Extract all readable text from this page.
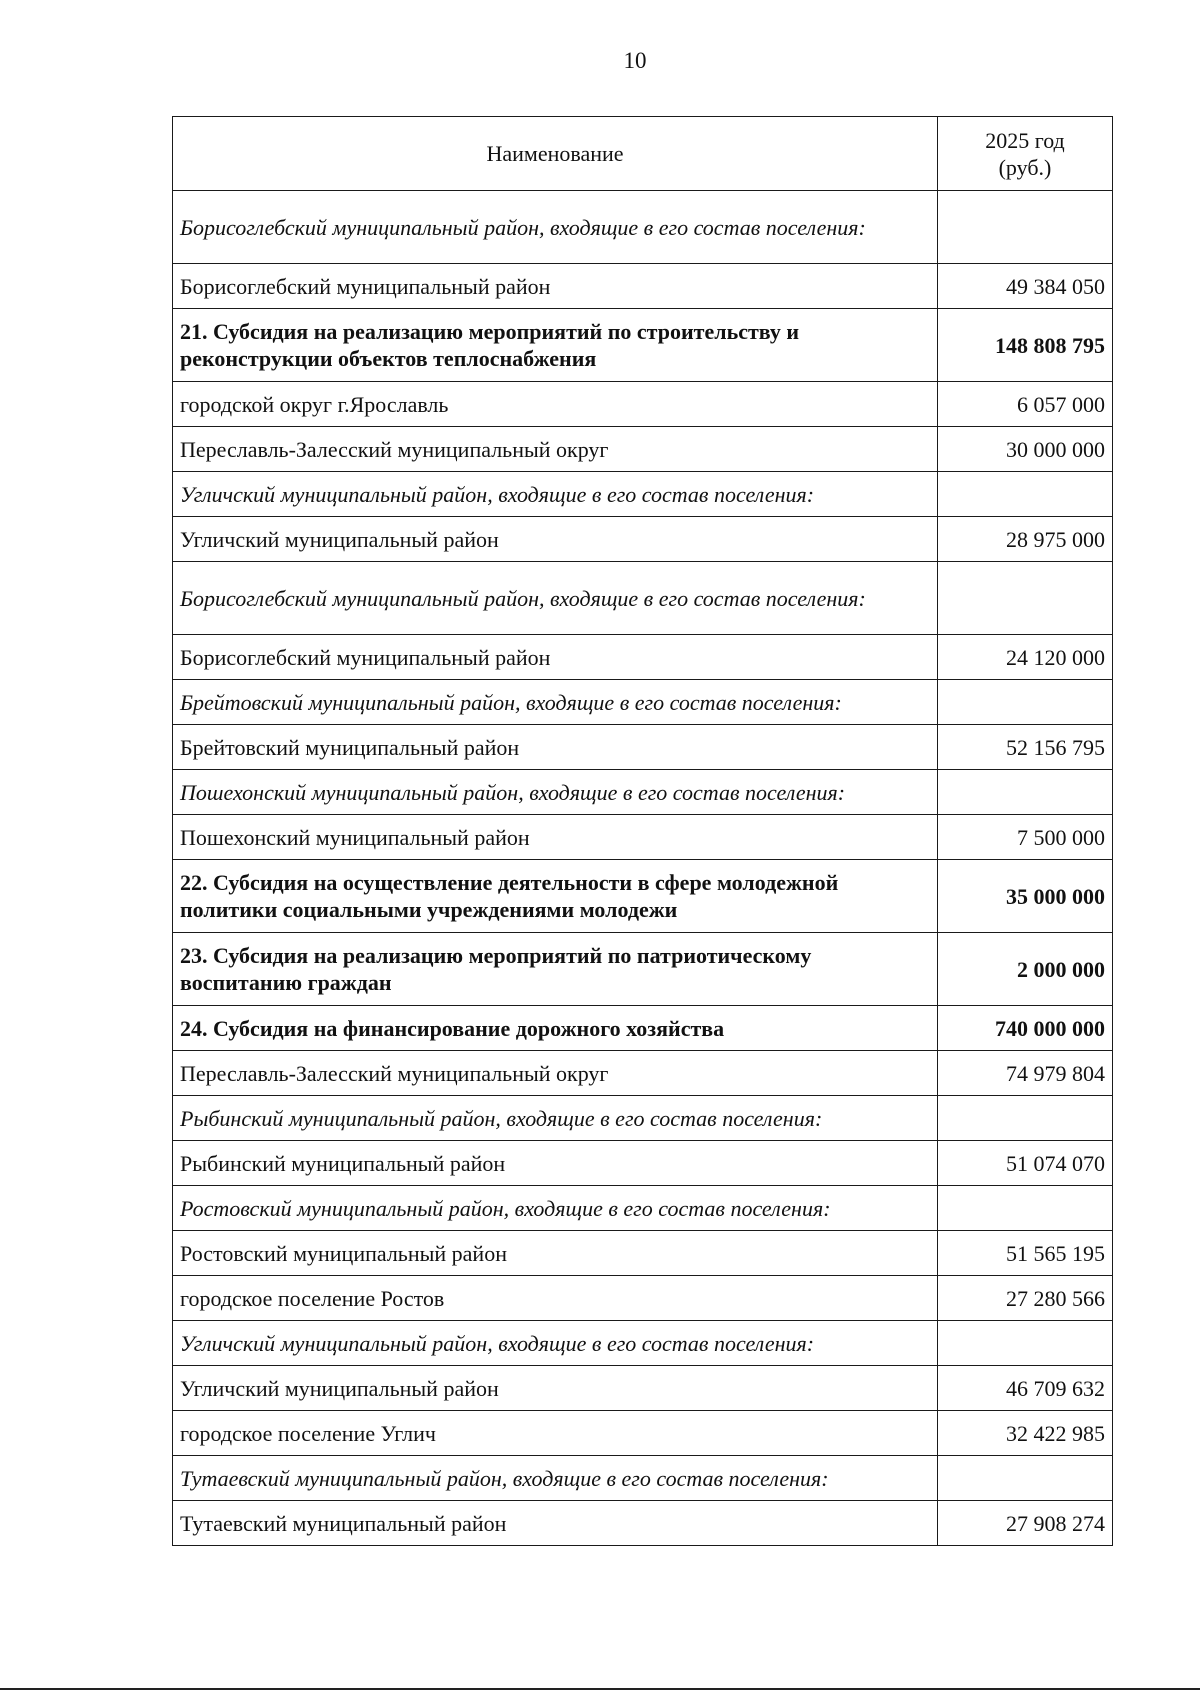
10
Наименование	2025 год
(руб.)
Борисоглебский муниципальный район, входящие в его состав поселения:	
Борисоглебский муниципальный район	49 384 050
21. Субсидия на реализацию мероприятий по строительству и реконструкции объектов теплоснабжения	148 808 795
городской округ г.Ярославль	6 057 000
Переславль-Залесский муниципальный округ	30 000 000
Угличский муниципальный район, входящие в его состав поселения:	
Угличский муниципальный район	28 975 000
Борисоглебский муниципальный район, входящие в его состав поселения:	
Борисоглебский муниципальный район	24 120 000
Брейтовский муниципальный район, входящие в его состав поселения:	
Брейтовский муниципальный район	52 156 795
Пошехонский муниципальный район, входящие в его состав поселения:	
Пошехонский муниципальный район	7 500 000
22. Субсидия на осуществление деятельности в сфере молодежной политики социальными учреждениями молодежи	35 000 000
23. Субсидия на реализацию мероприятий по патриотическому воспитанию граждан	2 000 000
24. Субсидия на финансирование дорожного хозяйства	740 000 000
Переславль-Залесский муниципальный округ	74 979 804
Рыбинский муниципальный район, входящие в его состав поселения:	
Рыбинский муниципальный район	51 074 070
Ростовский муниципальный район, входящие в его состав поселения:	
Ростовский муниципальный район	51 565 195
городское поселение Ростов	27 280 566
Угличский муниципальный район, входящие в его состав поселения:	
Угличский муниципальный район	46 709 632
городское поселение Углич	32 422 985
Тутаевский муниципальный район, входящие в его состав поселения:	
Тутаевский муниципальный район	27 908 274
